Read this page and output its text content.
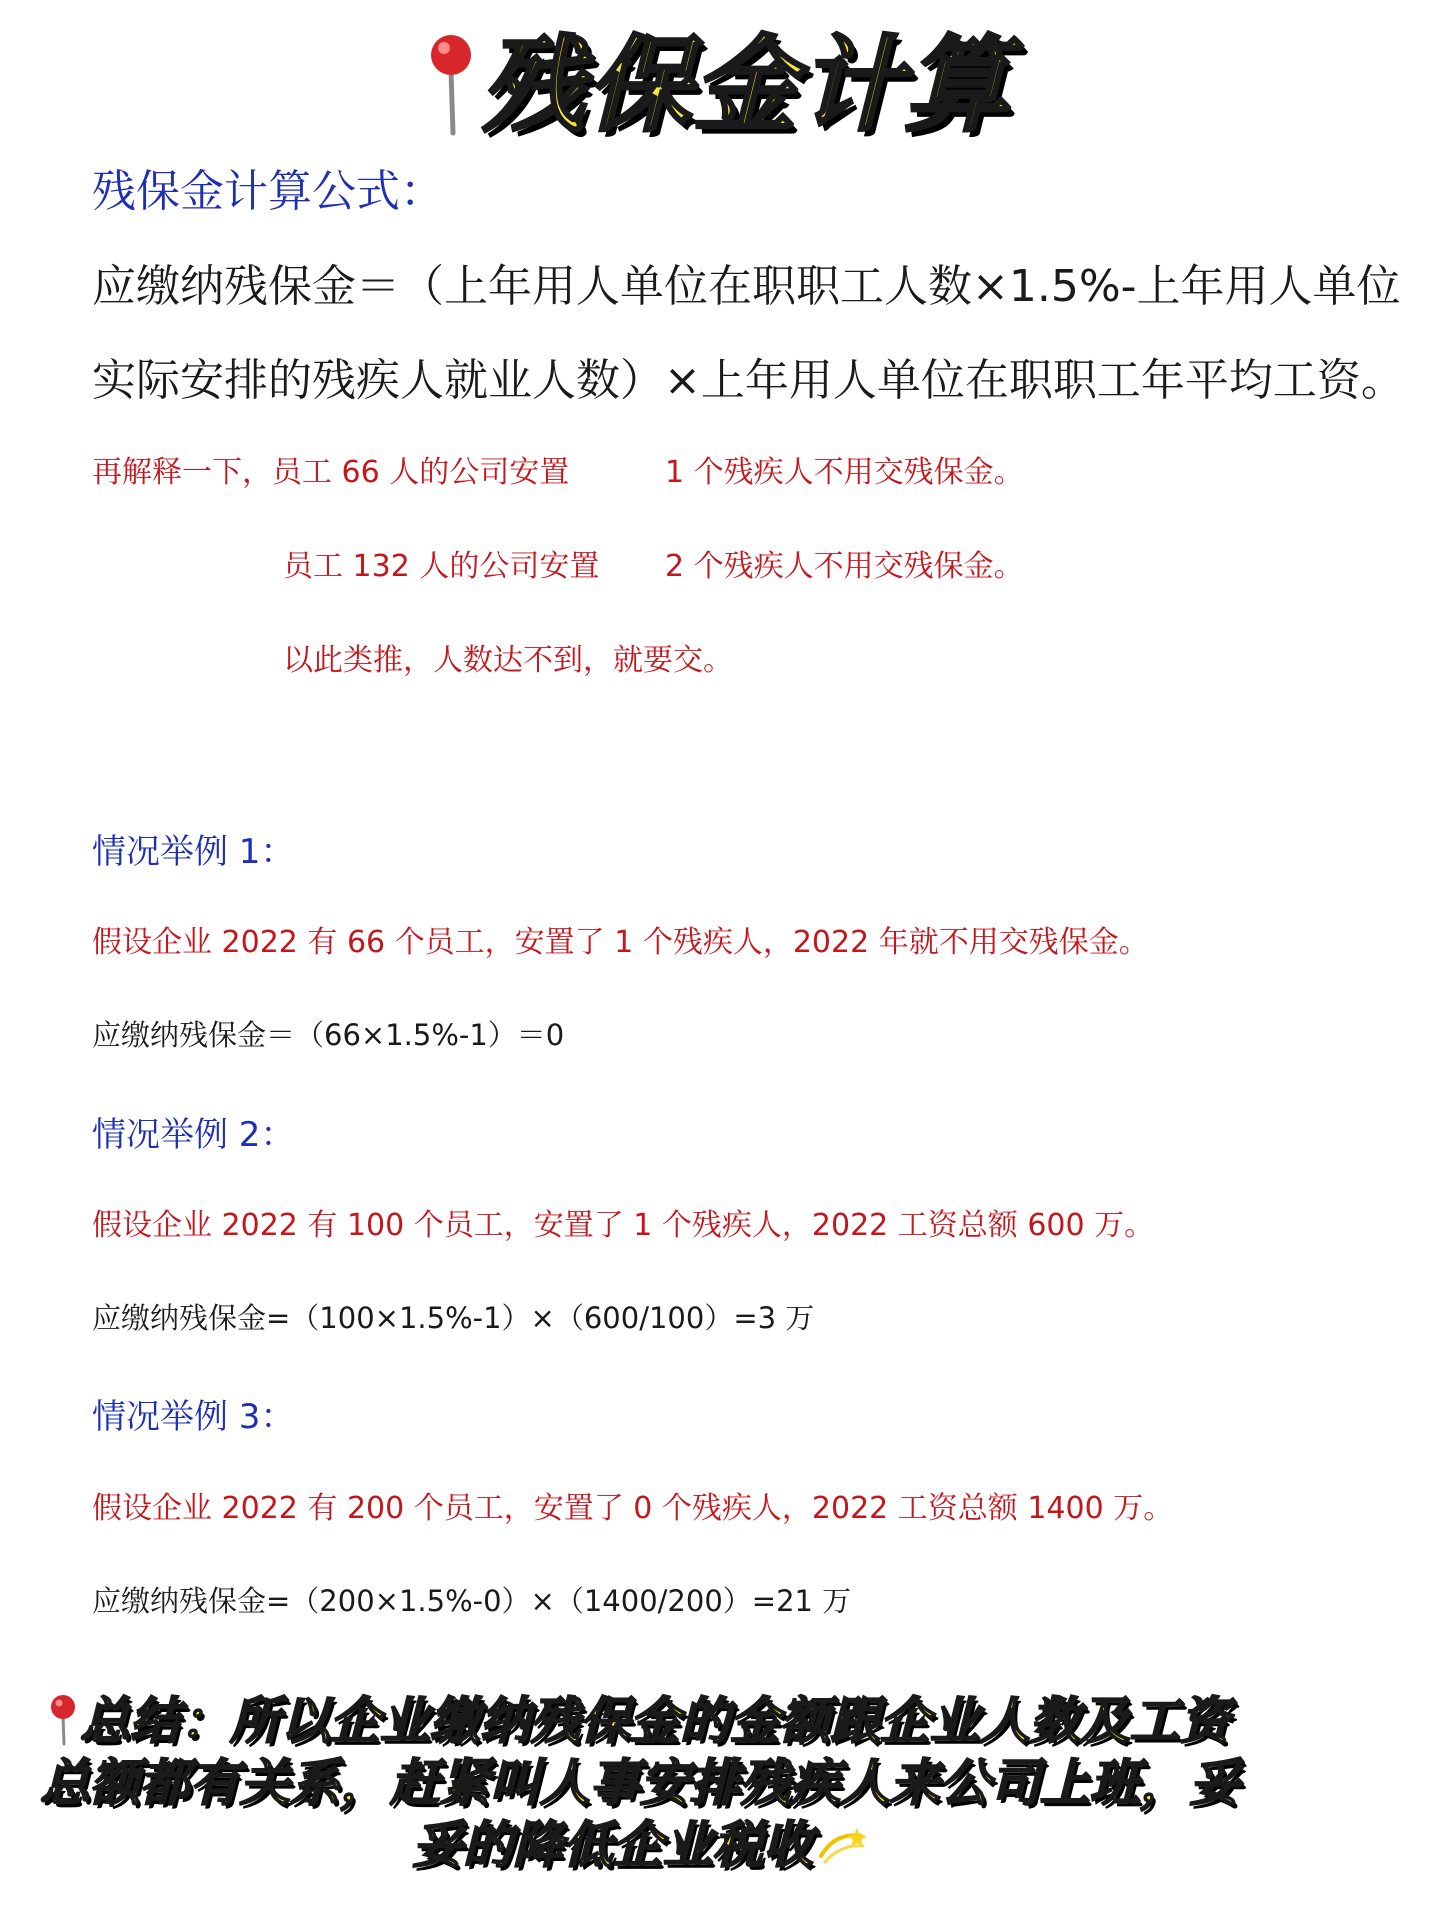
残保金计算
残保金计算公式：
应缴纳残保金＝（上年用人单位在职职工人数×1.5%-上年用人单位
实际安排的残疾人就业人数）×上年用人单位在职职工年平均工资。
再解释一下，员工 66 人的公司安置	1 个残疾人不用交残保金。
员工 132 人的公司安置 2 个残疾人不用交残保金。
以此类推，人数达不到，就要交。
情况举例 1：
假设企业 2022 有 66 个员工，安置了 1 个残疾人，2022 年就不用交残保金。
应缴纳残保金＝（66×1.5%-1）＝0
情况举例 2：
假设企业 2022 有 100 个员工，安置了 1 个残疾人，2022 工资总额 600 万。
应缴纳残保金=（100×1.5%-1）×（600/100）=3 万
情况举例 3：
假设企业 2022 有 200 个员工，安置了 0 个残疾人，2022 工资总额 1400 万。
应缴纳残保金=（200×1.5%-0）×（1400/200）=21 万
总结：所以企业缴纳残保金的金额跟企业人数及工资
总额都有关系，赶紧叫人事安排残疾人来公司上班，妥
妥的降低企业税收
